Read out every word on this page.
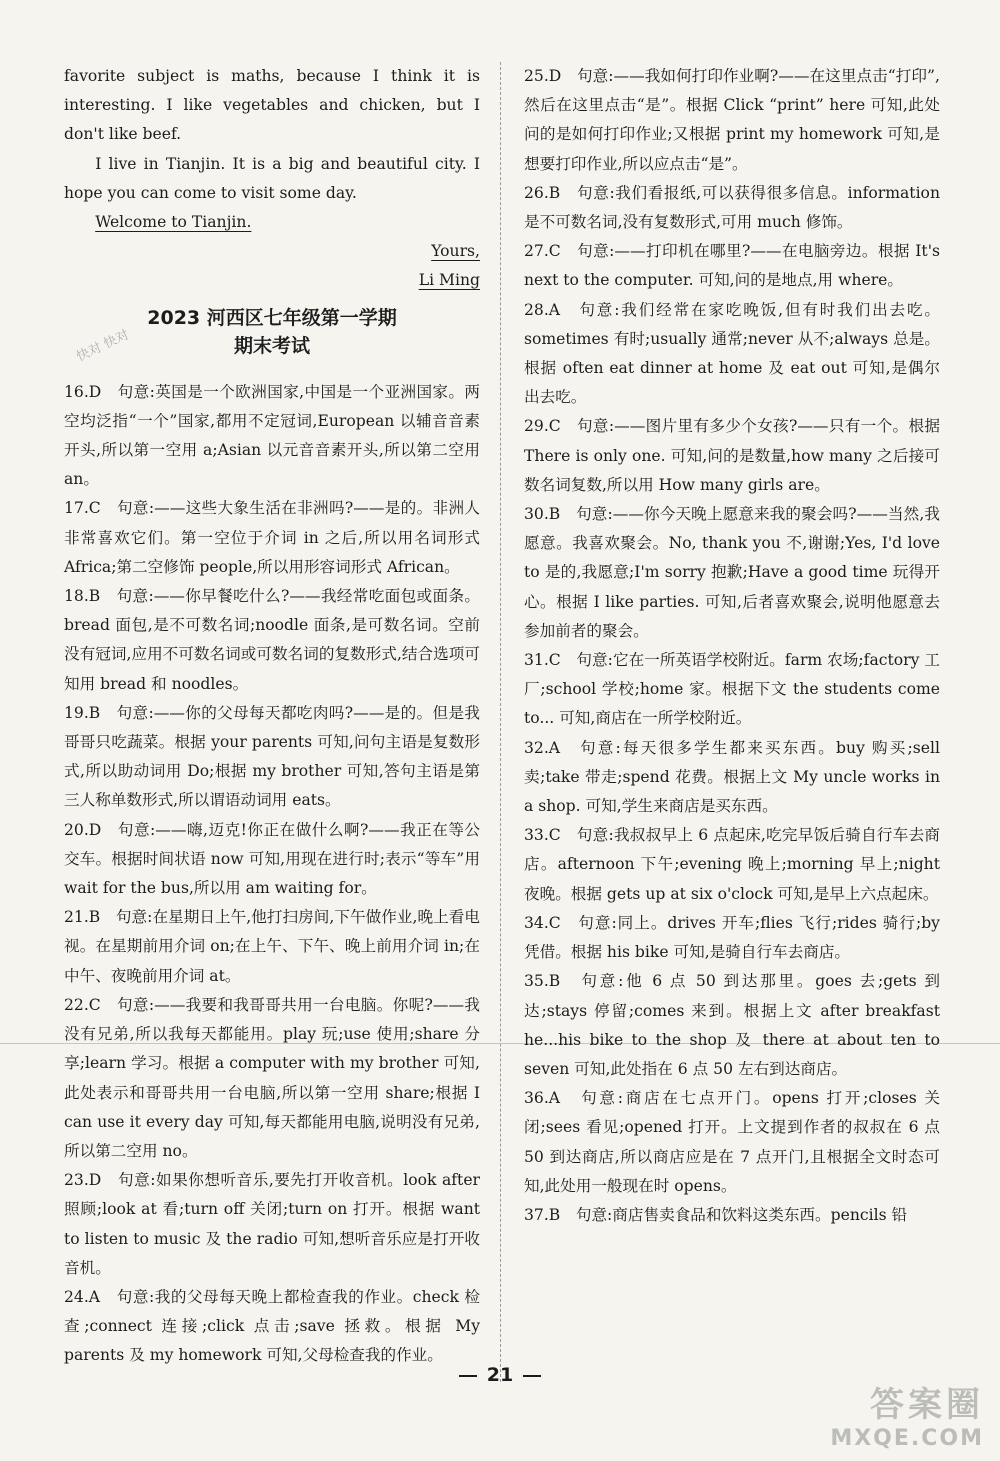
favorite subject is maths, because I think it is interesting. I like vegetables and chicken, but I don't like beef.

I live in Tianjin. It is a big and beautiful city. I hope you can come to visit some day.

Welcome to Tianjin.

Yours,

Li Ming

2023 河西区七年级第一学期
期末考试

16.D　句意:英国是一个欧洲国家,中国是一个亚洲国家。两空均泛指“一个”国家,都用不定冠词,European 以辅音音素开头,所以第一空用 a;Asian 以元音音素开头,所以第二空用 an。

17.C　句意:——这些大象生活在非洲吗?——是的。非洲人非常喜欢它们。第一空位于介词 in 之后,所以用名词形式 Africa;第二空修饰 people,所以用形容词形式 African。

18.B　句意:——你早餐吃什么?——我经常吃面包或面条。bread 面包,是不可数名词;noodle 面条,是可数名词。空前没有冠词,应用不可数名词或可数名词的复数形式,结合选项可知用 bread 和 noodles。

19.B　句意:——你的父母每天都吃肉吗?——是的。但是我哥哥只吃蔬菜。根据 your parents 可知,问句主语是复数形式,所以助动词用 Do;根据 my brother 可知,答句主语是第三人称单数形式,所以谓语动词用 eats。

20.D　句意:——嗨,迈克!你正在做什么啊?——我正在等公交车。根据时间状语 now 可知,用现在进行时;表示“等车”用 wait for the bus,所以用 am waiting for。

21.B　句意:在星期日上午,他打扫房间,下午做作业,晚上看电视。在星期前用介词 on;在上午、下午、晚上前用介词 in;在中午、夜晚前用介词 at。

22.C　句意:——我要和我哥哥共用一台电脑。你呢?——我没有兄弟,所以我每天都能用。play 玩;use 使用;share 分享;learn 学习。根据 a computer with my brother 可知,此处表示和哥哥共用一台电脑,所以第一空用 share;根据 I can use it every day 可知,每天都能用电脑,说明没有兄弟,所以第二空用 no。

23.D　句意:如果你想听音乐,要先打开收音机。look after 照顾;look at 看;turn off 关闭;turn on 打开。根据 want to listen to music 及 the radio 可知,想听音乐应是打开收音机。

24.A　句意:我的父母每天晚上都检查我的作业。check 检查;connect 连接;click 点击;save 拯救。根据 My parents 及 my homework 可知,父母检查我的作业。

25.D　句意:——我如何打印作业啊?——在这里点击“打印”,然后在这里点击“是”。根据 Click “print” here 可知,此处问的是如何打印作业;又根据 print my homework 可知,是想要打印作业,所以应点击“是”。

26.B　句意:我们看报纸,可以获得很多信息。information 是不可数名词,没有复数形式,可用 much 修饰。

27.C　句意:——打印机在哪里?——在电脑旁边。根据 It's next to the computer. 可知,问的是地点,用 where。

28.A　句意:我们经常在家吃晚饭,但有时我们出去吃。sometimes 有时;usually 通常;never 从不;always 总是。根据 often eat dinner at home 及 eat out 可知,是偶尔出去吃。

29.C　句意:——图片里有多少个女孩?——只有一个。根据 There is only one. 可知,问的是数量,how many 之后接可数名词复数,所以用 How many girls are。

30.B　句意:——你今天晚上愿意来我的聚会吗?——当然,我愿意。我喜欢聚会。No, thank you 不,谢谢;Yes, I'd love to 是的,我愿意;I'm sorry 抱歉;Have a good time 玩得开心。根据 I like parties. 可知,后者喜欢聚会,说明他愿意去参加前者的聚会。

31.C　句意:它在一所英语学校附近。farm 农场;factory 工厂;school 学校;home 家。根据下文 the students come to... 可知,商店在一所学校附近。

32.A　句意:每天很多学生都来买东西。buy 购买;sell 卖;take 带走;spend 花费。根据上文 My uncle works in a shop. 可知,学生来商店是买东西。

33.C　句意:我叔叔早上 6 点起床,吃完早饭后骑自行车去商店。afternoon 下午;evening 晚上;morning 早上;night 夜晚。根据 gets up at six o'clock 可知,是早上六点起床。

34.C　句意:同上。drives 开车;flies 飞行;rides 骑行;by 凭借。根据 his bike 可知,是骑自行车去商店。

35.B　句意:他 6 点 50 到达那里。goes 去;gets 到达;stays 停留;comes 来到。根据上文 after breakfast he...his bike to the shop 及 there at about ten to seven 可知,此处指在 6 点 50 左右到达商店。

36.A　句意:商店在七点开门。opens 打开;closes 关闭;sees 看见;opened 打开。上文提到作者的叔叔在 6 点 50 到达商店,所以商店应是在 7 点开门,且根据全文时态可知,此处用一般现在时 opens。

37.B　句意:商店售卖食品和饮料这类东西。pencils 铅

快对 快对
21
答案圈
MXQE.COM
